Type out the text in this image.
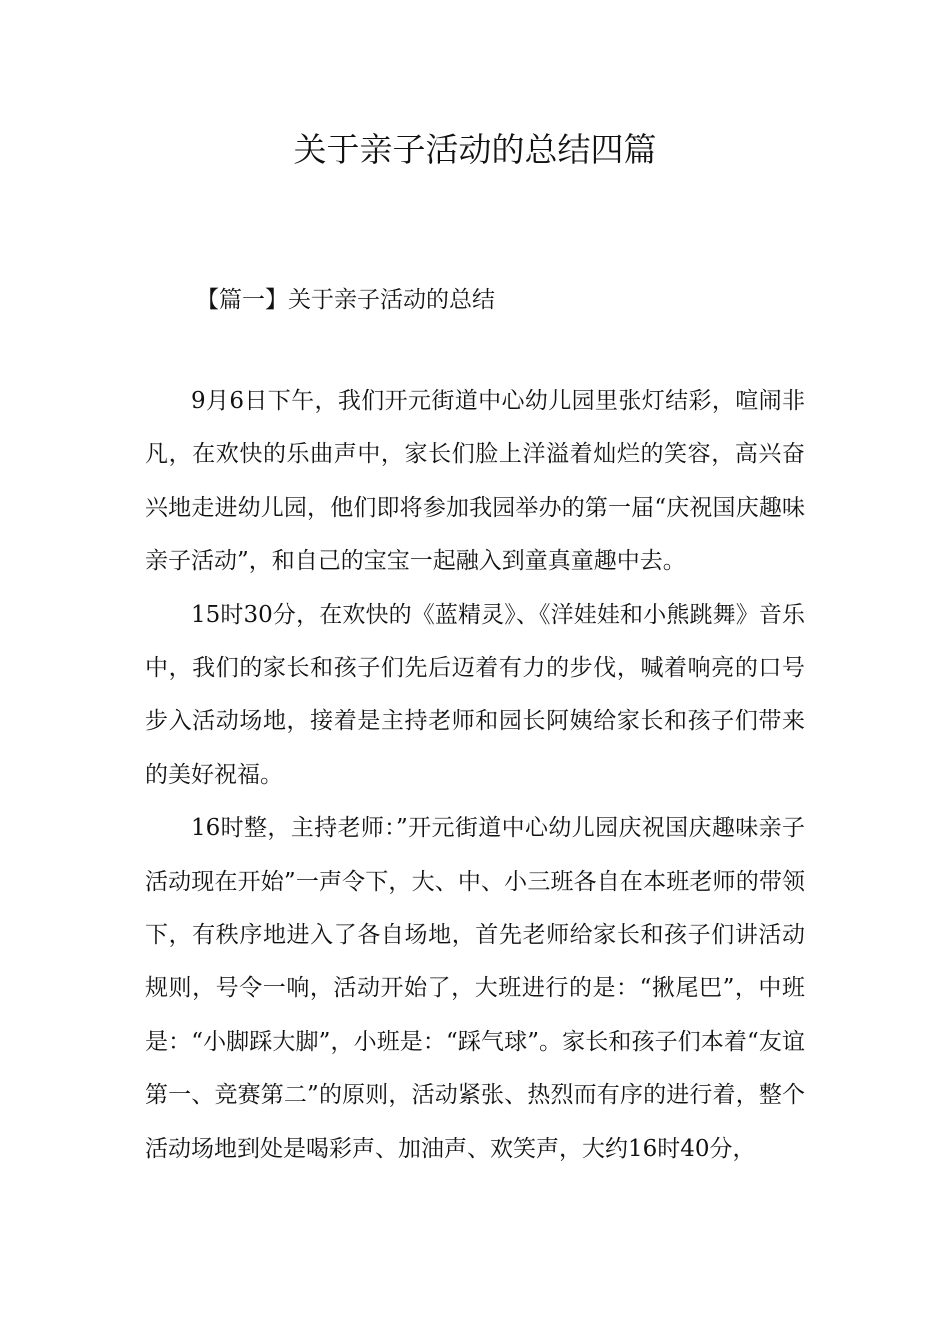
关于亲子活动的总结四篇
【篇一】关于亲子活动的总结

9月6日下午，我们开元街道中心幼儿园里张灯结彩，喧闹非凡，在欢快的乐曲声中，家长们脸上洋溢着灿烂的笑容，高兴奋兴地走进幼儿园，他们即将参加我园举办的第一届“庆祝国庆趣味亲子活动”，和自己的宝宝一起融入到童真童趣中去。

15时30分，在欢快的《蓝精灵》、《洋娃娃和小熊跳舞》音乐中，我们的家长和孩子们先后迈着有力的步伐，喊着响亮的口号步入活动场地，接着是主持老师和园长阿姨给家长和孩子们带来的美好祝福。

16时整，主持老师：”开元街道中心幼儿园庆祝国庆趣味亲子活动现在开始”一声令下，大、中、小三班各自在本班老师的带领下，有秩序地进入了各自场地，首先老师给家长和孩子们讲活动规则，号令一响，活动开始了，大班进行的是：“揪尾巴”，中班是：“小脚踩大脚”，小班是：“踩气球”。家长和孩子们本着“友谊第一、竞赛第二”的原则，活动紧张、热烈而有序的进行着，整个活动场地到处是喝彩声、加油声、欢笑声，大约16时40分，
